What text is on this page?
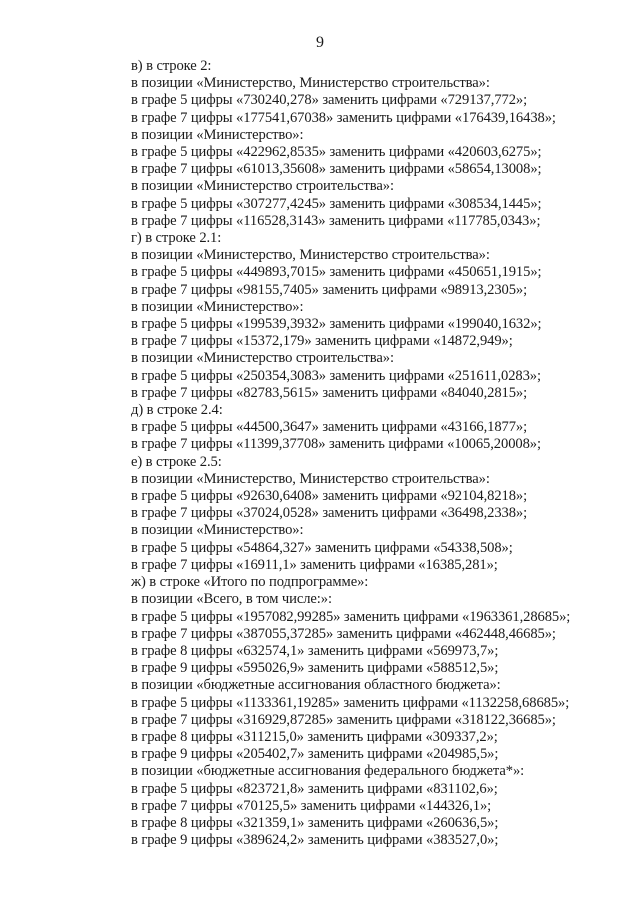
9
в) в строке 2:
в позиции «Министерство, Министерство строительства»:
в графе 5 цифры «730240,278» заменить цифрами «729137,772»;
в графе 7 цифры «177541,67038» заменить цифрами «176439,16438»;
в позиции «Министерство»:
в графе 5 цифры «422962,8535» заменить цифрами «420603,6275»;
в графе 7 цифры «61013,35608» заменить цифрами «58654,13008»;
в позиции «Министерство строительства»:
в графе 5 цифры «307277,4245» заменить цифрами «308534,1445»;
в графе 7 цифры «116528,3143» заменить цифрами «117785,0343»;
г) в строке 2.1:
в позиции «Министерство, Министерство строительства»:
в графе 5 цифры «449893,7015» заменить цифрами «450651,1915»;
в графе 7 цифры «98155,7405» заменить цифрами «98913,2305»;
в позиции «Министерство»:
в графе 5 цифры «199539,3932» заменить цифрами «199040,1632»;
в графе 7 цифры «15372,179» заменить цифрами «14872,949»;
в позиции «Министерство строительства»:
в графе 5 цифры «250354,3083» заменить цифрами «251611,0283»;
в графе 7 цифры «82783,5615» заменить цифрами «84040,2815»;
д) в строке 2.4:
в графе 5 цифры «44500,3647» заменить цифрами «43166,1877»;
в графе 7 цифры «11399,37708» заменить цифрами «10065,20008»;
е) в строке 2.5:
в позиции «Министерство, Министерство строительства»:
в графе 5 цифры «92630,6408» заменить цифрами «92104,8218»;
в графе 7 цифры «37024,0528» заменить цифрами «36498,2338»;
в позиции «Министерство»:
в графе 5 цифры «54864,327» заменить цифрами «54338,508»;
в графе 7 цифры «16911,1» заменить цифрами «16385,281»;
ж) в строке «Итого по подпрограмме»:
в позиции «Всего, в том числе:»:
в графе 5 цифры «1957082,99285» заменить цифрами «1963361,28685»;
в графе 7 цифры «387055,37285» заменить цифрами «462448,46685»;
в графе 8 цифры «632574,1» заменить цифрами «569973,7»;
в графе 9 цифры «595026,9» заменить цифрами «588512,5»;
в позиции «бюджетные ассигнования областного бюджета»:
в графе 5 цифры «1133361,19285» заменить цифрами «1132258,68685»;
в графе 7 цифры «316929,87285» заменить цифрами «318122,36685»;
в графе 8 цифры «311215,0» заменить цифрами «309337,2»;
в графе 9 цифры «205402,7» заменить цифрами «204985,5»;
в позиции «бюджетные ассигнования федерального бюджета*»:
в графе 5 цифры «823721,8» заменить цифрами «831102,6»;
в графе 7 цифры «70125,5» заменить цифрами «144326,1»;
в графе 8 цифры «321359,1» заменить цифрами «260636,5»;
в графе 9 цифры «389624,2» заменить цифрами «383527,0»;
